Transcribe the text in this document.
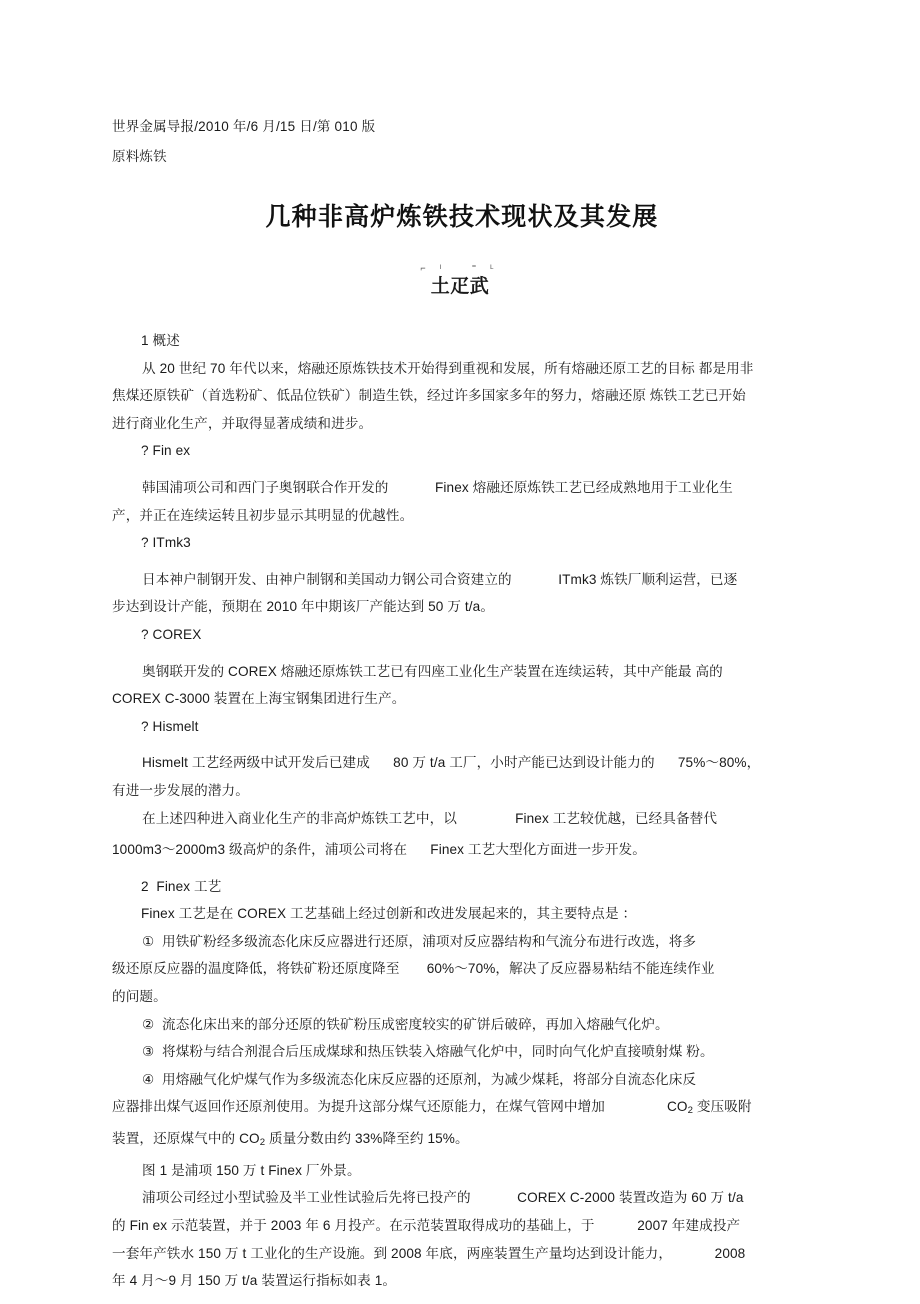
世界金属导报/2010 年/6 月/15 日/第 010 版
原料炼铁
几种非高炉炼铁技术现状及其发展
⌐ᴵ ⁼ᴸ
土疋武
1 概述
从 20 世纪 70 年代以来，熔融还原炼铁技术开始得到重视和发展，所有熔融还原工艺的目标 都是用非
焦煤还原铁矿（首选粉矿、低品位铁矿）制造生铁，经过许多国家多年的努力，熔融还原 炼铁工艺已开始
进行商业化生产，并取得显著成绩和进步。
? Fin ex
韩国浦项公司和西门子奥钢联合作开发的            Finex 熔融还原炼铁工艺已经成熟地用于工业化生
产，并正在连续运转且初步显示其明显的优越性。
? ITmk3
日本神户制钢开发、由神户制钢和美国动力钢公司合资建立的            ITmk3 炼铁厂顺利运营，已逐
步达到设计产能，预期在 2010 年中期该厂产能达到 50 万 t/a。
? COREX
奥钢联开发的 COREX 熔融还原炼铁工艺已有四座工业化生产装置在连续运转，其中产能最 高的
COREX C-3000 装置在上海宝钢集团进行生产。
? Hismelt
Hismelt 工艺经两级中试开发后已建成      80 万 t/a 工厂，小时产能已达到设计能力的      75%～80%，
有进一步发展的潜力。
在上述四种进入商业化生产的非高炉炼铁工艺中，以               Finex 工艺较优越，已经具备替代
1000m3～2000m3 级高炉的条件，浦项公司将在      Finex 工艺大型化方面进一步开发。
2  Finex 工艺
Finex 工艺是在 COREX 工艺基础上经过创新和改进发展起来的，其主要特点是 ：
①  用铁矿粉经多级流态化床反应器进行还原，浦项对反应器结构和气流分布进行改选，将多
级还原反应器的温度降低，将铁矿粉还原度降至       60%～70%，解决了反应器易粘结不能连续作业
的问题。
②  流态化床出来的部分还原的铁矿粉压成密度较实的矿饼后破碎，再加入熔融气化炉。
③  将煤粉与结合剂混合后压成煤球和热压铁装入熔融气化炉中，同时向气化炉直接喷射煤 粉。
④  用熔融气化炉煤气作为多级流态化床反应器的还原剂，为减少煤耗，将部分自流态化床反
应器排出煤气返回作还原剂使用。为提升这部分煤气还原能力，在煤气管网中增加                $CO_2$ 变压吸附
装置，还原煤气中的 $CO_2$ 质量分数由约 33%降至约 15%。
图 1 是浦项 150 万 t Finex 厂外景。
浦项公司经过小型试验及半工业性试验后先将已投产的            COREX C-2000 装置改造为 60 万 t/a
的 Fin ex 示范装置，并于 2003 年 6 月投产。在示范装置取得成功的基础上，于           2007 年建成投产
一套年产铁水 150 万 t 工业化的生产设施。到 2008 年底，两座装置生产量均达到设计能力，           2008
年 4 月～9 月 150 万 t/a 装置运行指标如表 1。
